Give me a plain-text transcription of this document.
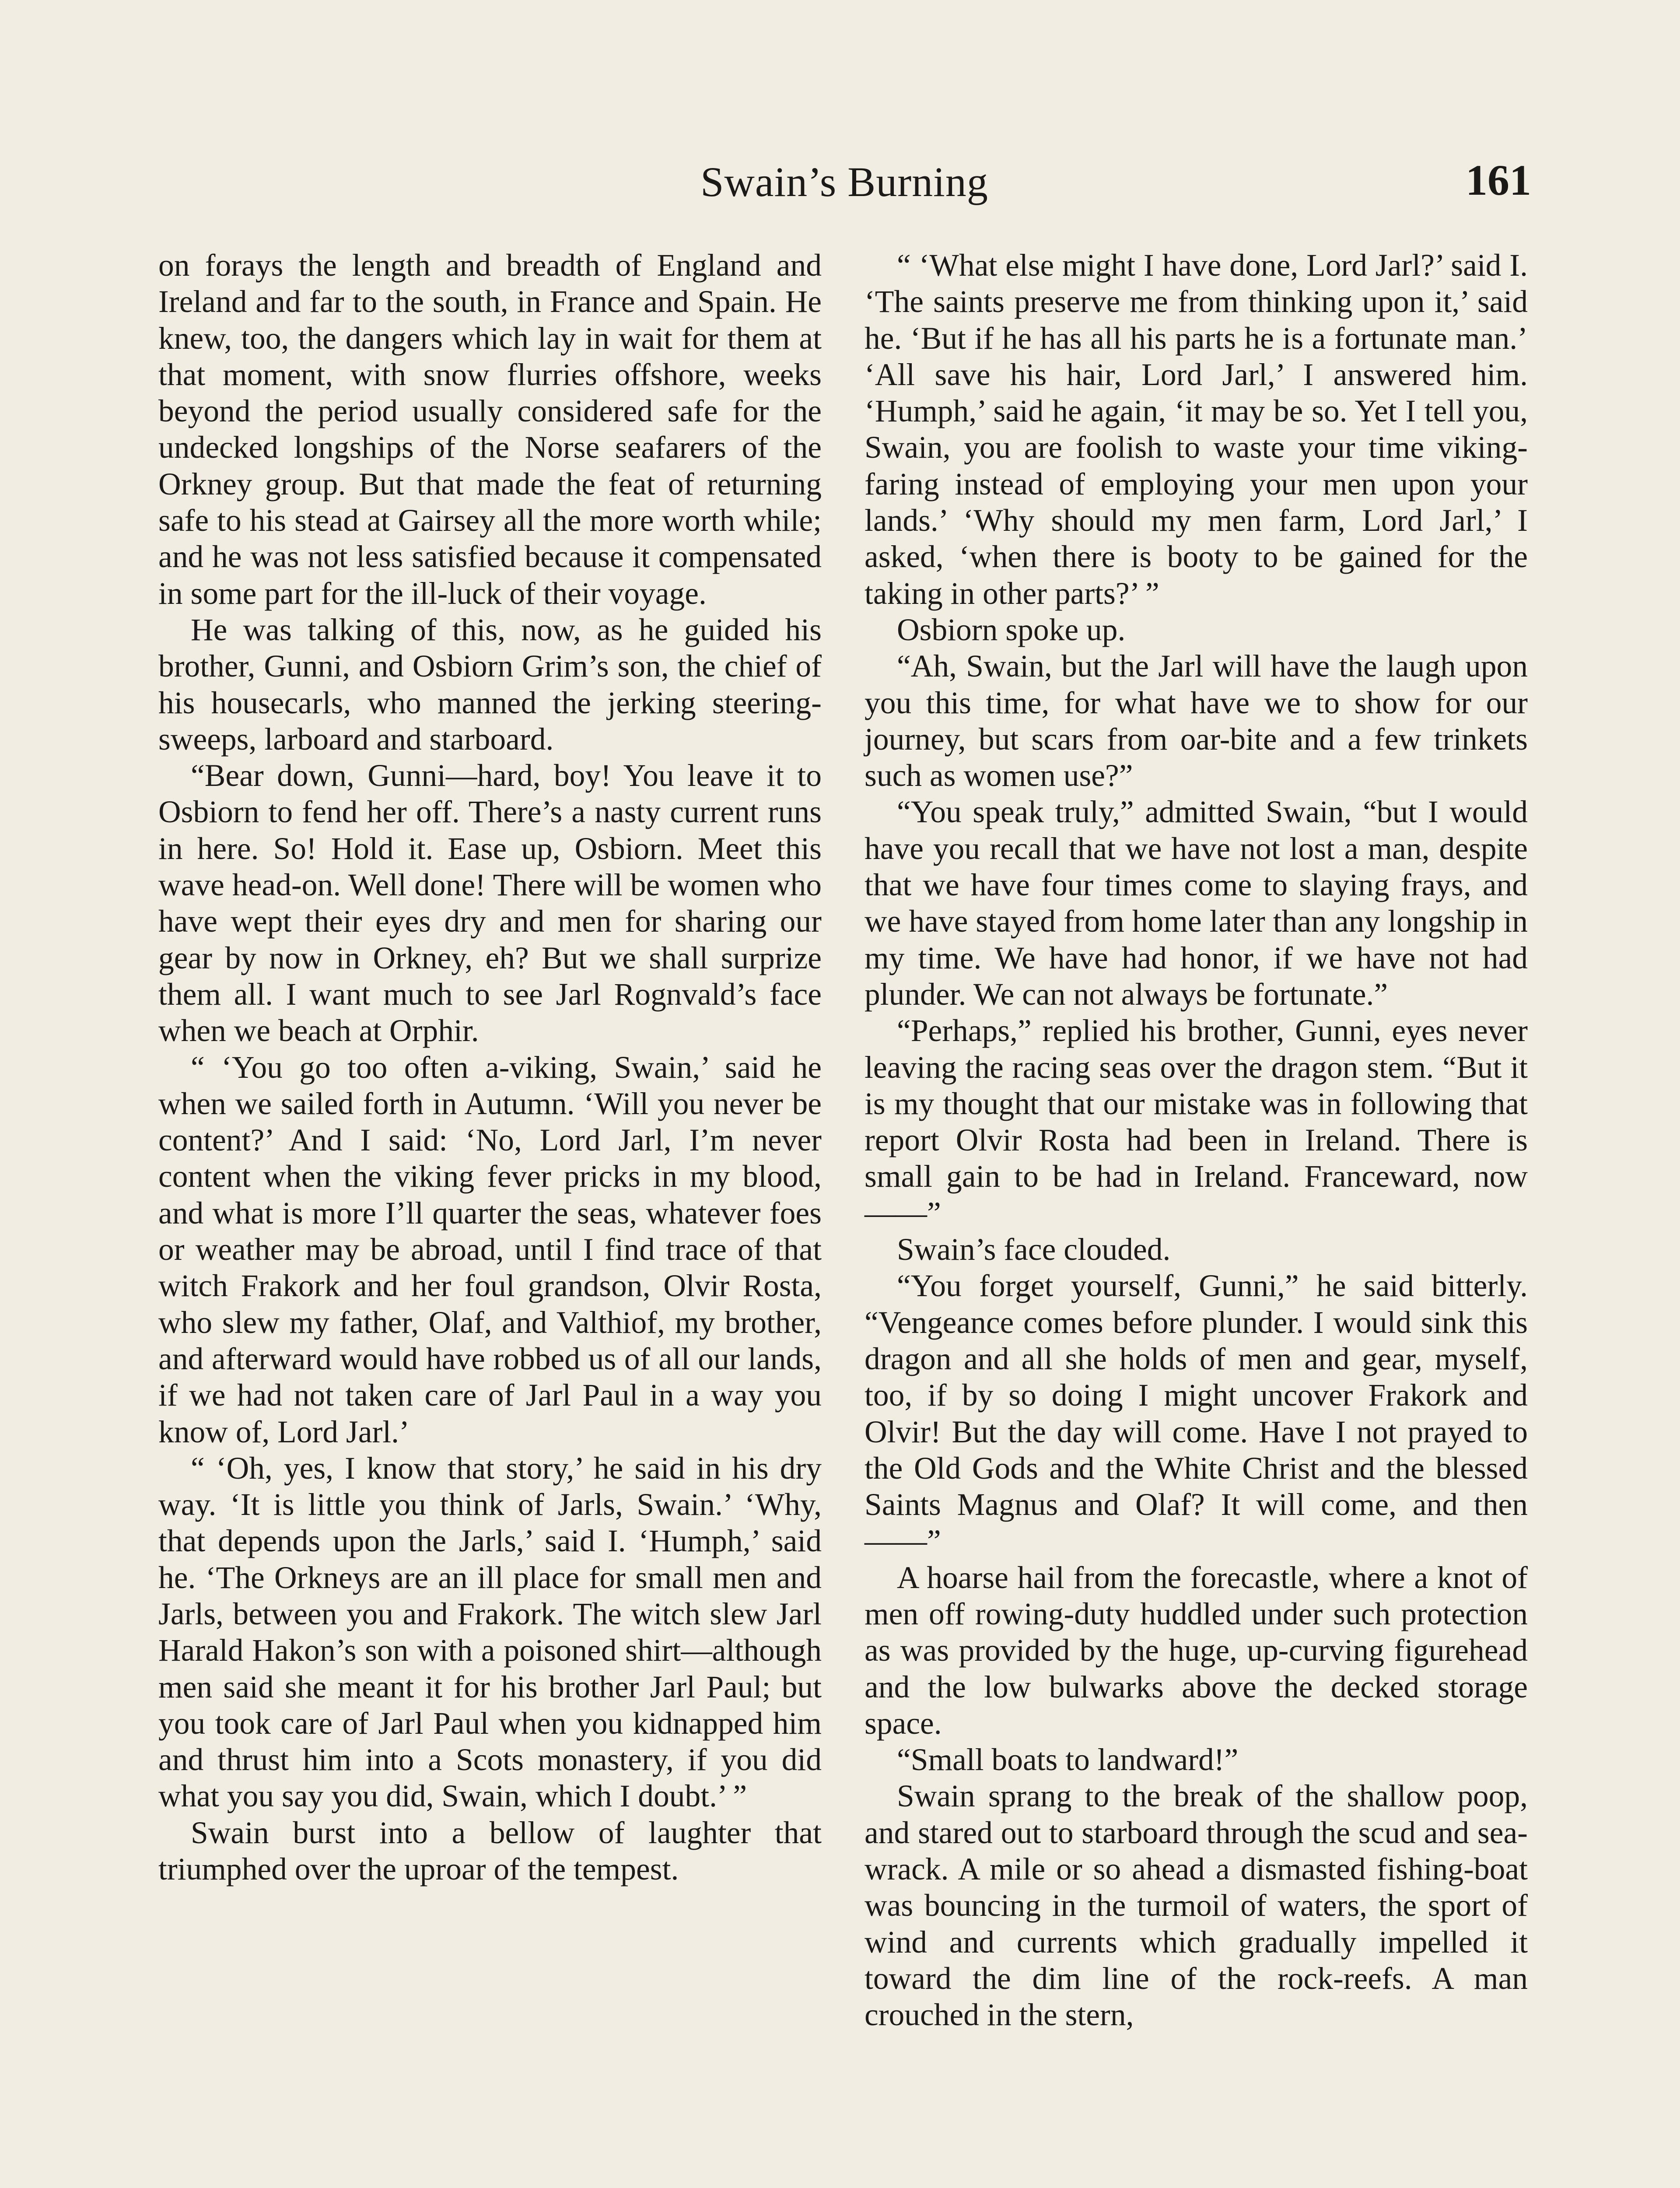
Swain’s Burning	161

on forays the length and breadth of England and Ireland and far to the south, in France and Spain. He knew, too, the dangers which lay in wait for them at that moment, with snow flurries offshore, weeks beyond the period usually considered safe for the undecked longships of the Norse seafarers of the Orkney group. But that made the feat of returning safe to his stead at Gairsey all the more worth while; and he was not less satisfied because it compensated in some part for the ill-luck of their voyage.

He was talking of this, now, as he guided his brother, Gunni, and Osbiorn Grim’s son, the chief of his housecarls, who manned the jerking steering-sweeps, larboard and starboard.

“Bear down, Gunni—hard, boy! You leave it to Osbiorn to fend her off. There’s a nasty current runs in here. So! Hold it. Ease up, Osbiorn. Meet this wave head-on. Well done! There will be women who have wept their eyes dry and men for sharing our gear by now in Orkney, eh? But we shall surprize them all. I want much to see Jarl Rognvald’s face when we beach at Orphir.

“ ‘You go too often a-viking, Swain,’ said he when we sailed forth in Autumn. ‘Will you never be content?’ And I said: ‘No, Lord Jarl, I’m never content when the viking fever pricks in my blood, and what is more I’ll quarter the seas, whatever foes or weather may be abroad, until I find trace of that witch Frakork and her foul grandson, Olvir Rosta, who slew my father, Olaf, and Valthiof, my brother, and afterward would have robbed us of all our lands, if we had not taken care of Jarl Paul in a way you know of, Lord Jarl.’

“ ‘Oh, yes, I know that story,’ he said in his dry way. ‘It is little you think of Jarls, Swain.’ ‘Why, that depends upon the Jarls,’ said I. ‘Humph,’ said he. ‘The Orkneys are an ill place for small men and Jarls, between you and Frakork. The witch slew Jarl Harald Hakon’s son with a poisoned shirt—although men said she meant it for his brother Jarl Paul; but you took care of Jarl Paul when you kidnapped him and thrust him into a Scots monastery, if you did what you say you did, Swain, which I doubt.’ ”

Swain burst into a bellow of laughter that triumphed over the uproar of the tempest.

“ ‘What else might I have done, Lord Jarl?’ said I. ‘The saints preserve me from thinking upon it,’ said he. ‘But if he has all his parts he is a fortunate man.’ ‘All save his hair, Lord Jarl,’ I answered him. ‘Humph,’ said he again, ‘it may be so. Yet I tell you, Swain, you are foolish to waste your time viking-faring instead of employing your men upon your lands.’ ‘Why should my men farm, Lord Jarl,’ I asked, ‘when there is booty to be gained for the taking in other parts?’ ”

Osbiorn spoke up.

“Ah, Swain, but the Jarl will have the laugh upon you this time, for what have we to show for our journey, but scars from oar-bite and a few trinkets such as women use?”

“You speak truly,” admitted Swain, “but I would have you recall that we have not lost a man, despite that we have four times come to slaying frays, and we have stayed from home later than any longship in my time. We have had honor, if we have not had plunder. We can not always be fortunate.”

“Perhaps,” replied his brother, Gunni, eyes never leaving the racing seas over the dragon stem. “But it is my thought that our mistake was in following that report Olvir Rosta had been in Ireland. There is small gain to be had in Ireland. Franceward, now——”

Swain’s face clouded.

“You forget yourself, Gunni,” he said bitterly. “Vengeance comes before plunder. I would sink this dragon and all she holds of men and gear, myself, too, if by so doing I might uncover Frakork and Olvir! But the day will come. Have I not prayed to the Old Gods and the White Christ and the blessed Saints Magnus and Olaf? It will come, and then——”

A hoarse hail from the forecastle, where a knot of men off rowing-duty huddled under such protection as was provided by the huge, up-curving figurehead and the low bulwarks above the decked storage space.

“Small boats to landward!”

Swain sprang to the break of the shallow poop, and stared out to starboard through the scud and sea-wrack. A mile or so ahead a dismasted fishing-boat was bouncing in the turmoil of waters, the sport of wind and currents which gradually impelled it toward the dim line of the rock-reefs. A man crouched in the stern,
